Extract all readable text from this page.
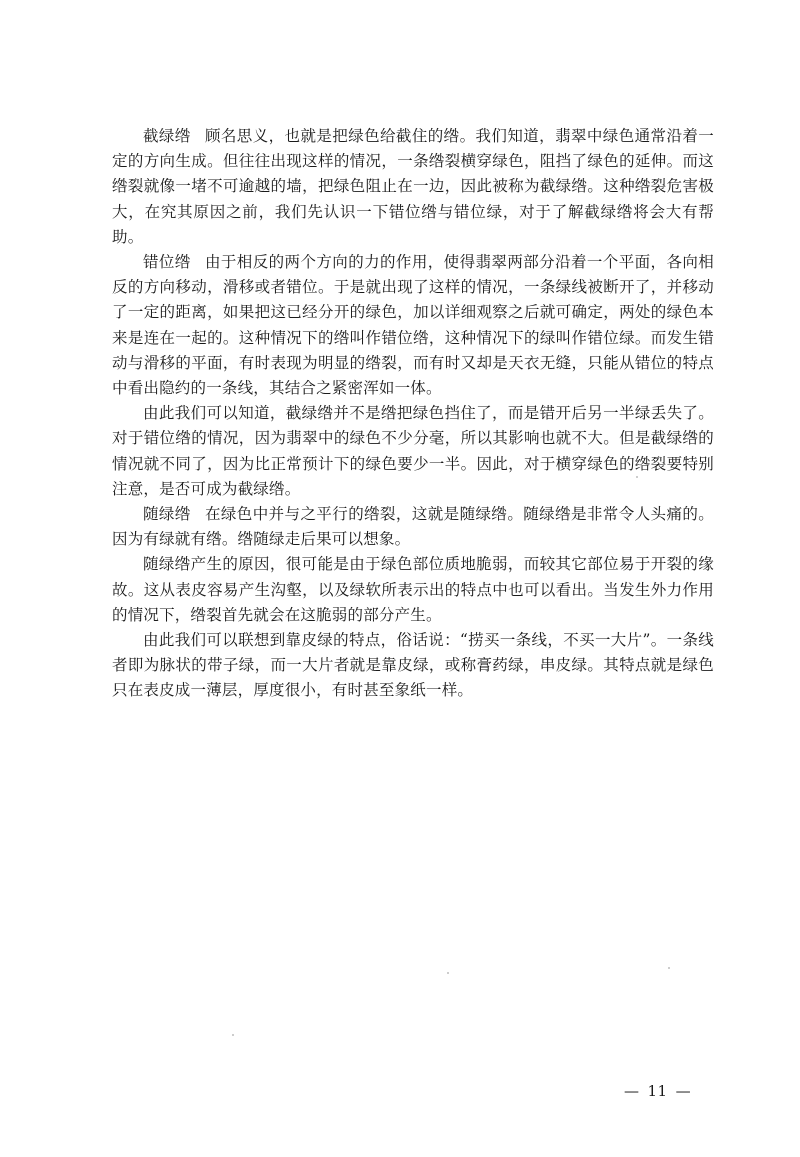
截绿绺 顾名思义，也就是把绿色给截住的绺。我们知道，翡翠中绿色通常沿着一定的方向生成。但往往出现这样的情况，一条绺裂横穿绿色，阻挡了绿色的延伸。而这绺裂就像一堵不可逾越的墙，把绿色阻止在一边，因此被称为截绿绺。这种绺裂危害极大，在究其原因之前，我们先认识一下错位绺与错位绿，对于了解截绿绺将会大有帮助。

错位绺 由于相反的两个方向的力的作用，使得翡翠两部分沿着一个平面，各向相反的方向移动，滑移或者错位。于是就出现了这样的情况，一条绿线被断开了，并移动了一定的距离，如果把这已经分开的绿色，加以详细观察之后就可确定，两处的绿色本来是连在一起的。这种情况下的绺叫作错位绺，这种情况下的绿叫作错位绿。而发生错动与滑移的平面，有时表现为明显的绺裂，而有时又却是天衣无缝，只能从错位的特点中看出隐约的一条线，其结合之紧密浑如一体。

由此我们可以知道，截绿绺并不是绺把绿色挡住了，而是错开后另一半绿丢失了。对于错位绺的情况，因为翡翠中的绿色不少分毫，所以其影响也就不大。但是截绿绺的情况就不同了，因为比正常预计下的绿色要少一半。因此，对于横穿绿色的绺裂要特别注意，是否可成为截绿绺。

随绿绺 在绿色中并与之平行的绺裂，这就是随绿绺。随绿绺是非常令人头痛的。因为有绿就有绺。绺随绿走后果可以想象。

随绿绺产生的原因，很可能是由于绿色部位质地脆弱，而较其它部位易于开裂的缘故。这从表皮容易产生沟壑，以及绿软所表示出的特点中也可以看出。当发生外力作用的情况下，绺裂首先就会在这脆弱的部分产生。

由此我们可以联想到靠皮绿的特点，俗话说：“捞买一条线，不买一大片”。一条线者即为脉状的带子绿，而一大片者就是靠皮绿，或称膏药绿，串皮绿。其特点就是绿色只在表皮成一薄层，厚度很小，有时甚至象纸一样。

— 11 —
